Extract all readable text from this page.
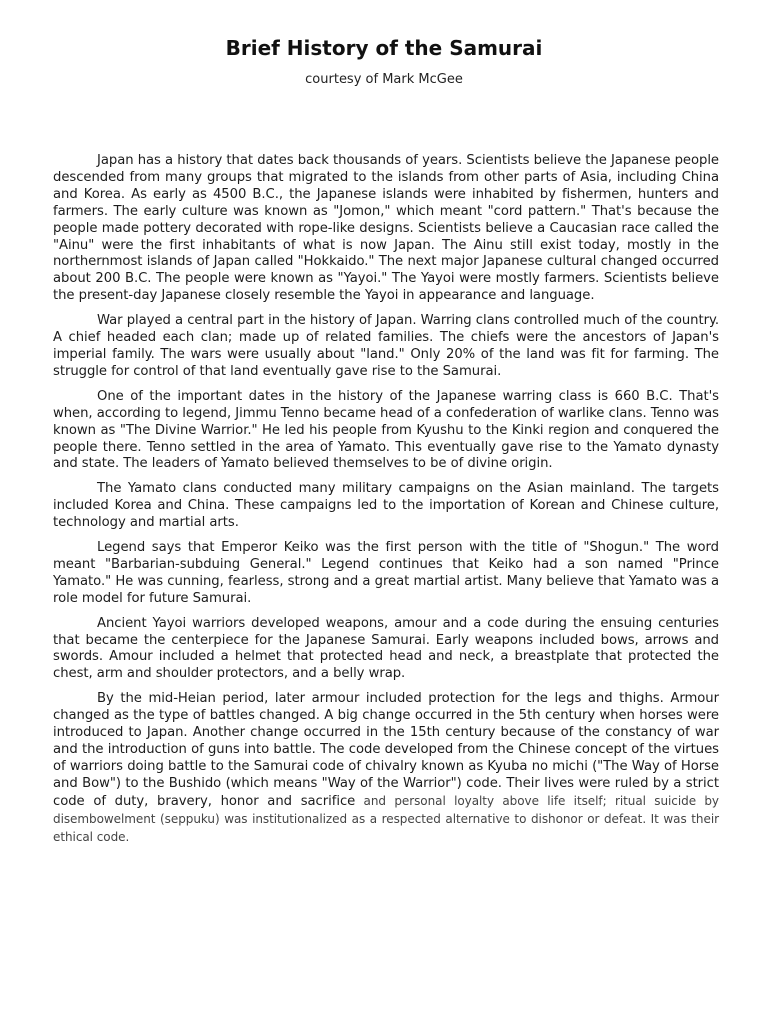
Brief History of the Samurai

courtesy of Mark McGee

Japan has a history that dates back thousands of years. Scientists believe the Japanese people descended from many groups that migrated to the islands from other parts of Asia, including China and Korea. As early as 4500 B.C., the Japanese islands were inhabited by fishermen, hunters and farmers. The early culture was known as "Jomon," which meant "cord pattern." That's because the people made pottery decorated with rope-like designs. Scientists believe a Caucasian race called the "Ainu" were the first inhabitants of what is now Japan. The Ainu still exist today, mostly in the northernmost islands of Japan called "Hokkaido." The next major Japanese cultural changed occurred about 200 B.C. The people were known as "Yayoi." The Yayoi were mostly farmers. Scientists believe the present-day Japanese closely resemble the Yayoi in appearance and language.

War played a central part in the history of Japan. Warring clans controlled much of the country. A chief headed each clan; made up of related families. The chiefs were the ancestors of Japan's imperial family. The wars were usually about "land." Only 20% of the land was fit for farming. The struggle for control of that land eventually gave rise to the Samurai.

One of the important dates in the history of the Japanese warring class is 660 B.C. That's when, according to legend, Jimmu Tenno became head of a confederation of warlike clans. Tenno was known as "The Divine Warrior." He led his people from Kyushu to the Kinki region and conquered the people there. Tenno settled in the area of Yamato. This eventually gave rise to the Yamato dynasty and state. The leaders of Yamato believed themselves to be of divine origin.

The Yamato clans conducted many military campaigns on the Asian mainland. The targets included Korea and China. These campaigns led to the importation of Korean and Chinese culture, technology and martial arts.

Legend says that Emperor Keiko was the first person with the title of "Shogun." The word meant "Barbarian-subduing General." Legend continues that Keiko had a son named "Prince Yamato." He was cunning, fearless, strong and a great martial artist. Many believe that Yamato was a role model for future Samurai.

Ancient Yayoi warriors developed weapons, amour and a code during the ensuing centuries that became the centerpiece for the Japanese Samurai. Early weapons included bows, arrows and swords. Amour included a helmet that protected head and neck, a breastplate that protected the chest, arm and shoulder protectors, and a belly wrap.

By the mid-Heian period, later armour included protection for the legs and thighs. Armour changed as the type of battles changed. A big change occurred in the 5th century when horses were introduced to Japan. Another change occurred in the 15th century because of the constancy of war and the introduction of guns into battle. The code developed from the Chinese concept of the virtues of warriors doing battle to the Samurai code of chivalry known as Kyuba no michi ("The Way of Horse and Bow") to the Bushido (which means "Way of the Warrior") code. Their lives were ruled by a strict code of duty, bravery, honor and sacrifice and personal loyalty above life itself; ritual suicide by disembowelment (seppuku) was institutionalized as a respected alternative to dishonor or defeat. It was their ethical code.
